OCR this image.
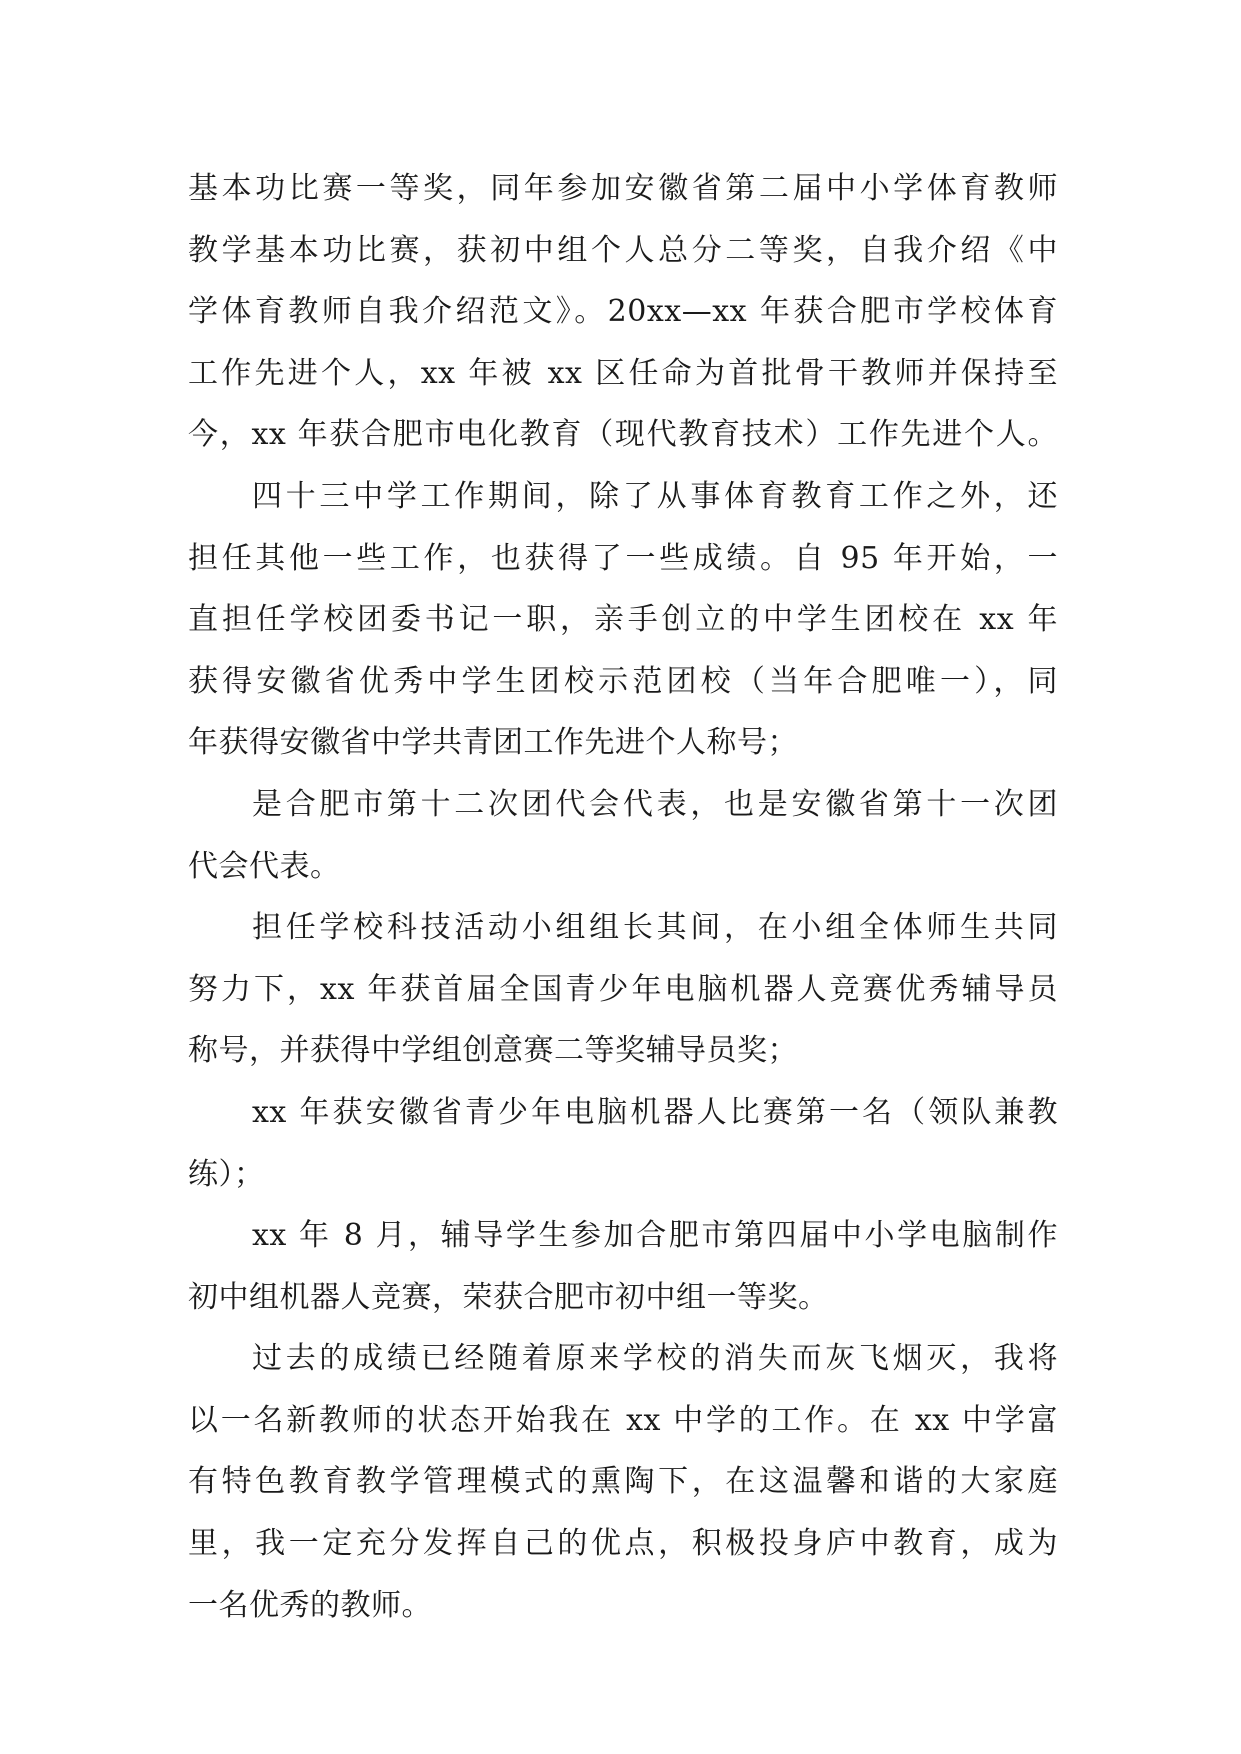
基本功比赛一等奖，同年参加安徽省第二届中小学体育教师
教学基本功比赛，获初中组个人总分二等奖，自我介绍《中
学体育教师自我介绍范文》。20xx—xx 年获合肥市学校体育
工作先进个人，xx 年被 xx 区任命为首批骨干教师并保持至
今，xx 年获合肥市电化教育（现代教育技术）工作先进个人。
四十三中学工作期间，除了从事体育教育工作之外，还
担任其他一些工作，也获得了一些成绩。自 95 年开始，一
直担任学校团委书记一职，亲手创立的中学生团校在 xx 年
获得安徽省优秀中学生团校示范团校（当年合肥唯一），同
年获得安徽省中学共青团工作先进个人称号；
是合肥市第十二次团代会代表，也是安徽省第十一次团
代会代表。
担任学校科技活动小组组长其间，在小组全体师生共同
努力下，xx 年获首届全国青少年电脑机器人竞赛优秀辅导员
称号，并获得中学组创意赛二等奖辅导员奖；
xx 年获安徽省青少年电脑机器人比赛第一名（领队兼教
练）；
xx 年 8 月，辅导学生参加合肥市第四届中小学电脑制作
初中组机器人竞赛，荣获合肥市初中组一等奖。
过去的成绩已经随着原来学校的消失而灰飞烟灭，我将
以一名新教师的状态开始我在 xx 中学的工作。在 xx 中学富
有特色教育教学管理模式的熏陶下，在这温馨和谐的大家庭
里，我一定充分发挥自己的优点，积极投身庐中教育，成为
一名优秀的教师。
